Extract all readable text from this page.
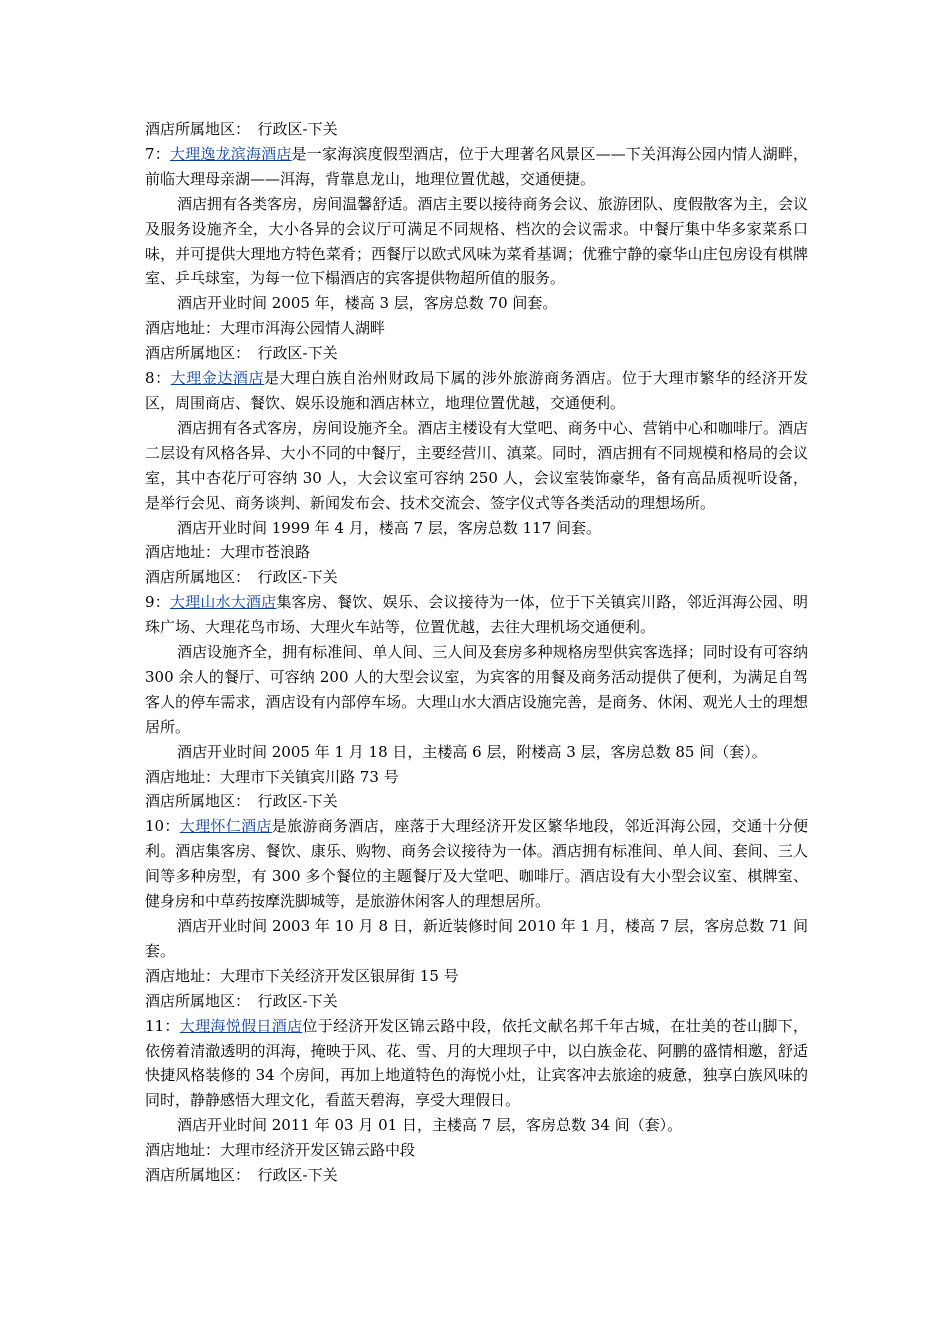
酒店所属地区：　行政区-下关

7：大理逸龙滨海酒店是一家海滨度假型酒店，位于大理著名风景区——下关洱海公园内情人湖畔，前临大理母亲湖——洱海，背靠息龙山，地理位置优越，交通便捷。

酒店拥有各类客房，房间温馨舒适。酒店主要以接待商务会议、旅游团队、度假散客为主，会议及服务设施齐全，大小各异的会议厅可满足不同规格、档次的会议需求。中餐厅集中华多家菜系口味，并可提供大理地方特色菜肴；西餐厅以欧式风味为菜肴基调；优雅宁静的豪华山庄包房设有棋牌室、乒乓球室，为每一位下榻酒店的宾客提供物超所值的服务。

酒店开业时间 2005 年，楼高 3 层，客房总数 70 间套。

酒店地址：大理市洱海公园情人湖畔

酒店所属地区：　行政区-下关

8：大理金达酒店是大理白族自治州财政局下属的涉外旅游商务酒店。位于大理市繁华的经济开发区，周围商店、餐饮、娱乐设施和酒店林立，地理位置优越，交通便利。

酒店拥有各式客房，房间设施齐全。酒店主楼设有大堂吧、商务中心、营销中心和咖啡厅。酒店二层设有风格各异、大小不同的中餐厅，主要经营川、滇菜。同时，酒店拥有不同规模和格局的会议室，其中杏花厅可容纳 30 人，大会议室可容纳 250 人，会议室装饰豪华，备有高品质视听设备，是举行会见、商务谈判、新闻发布会、技术交流会、签字仪式等各类活动的理想场所。

酒店开业时间 1999 年 4 月，楼高 7 层，客房总数 117 间套。

酒店地址：大理市苍浪路

酒店所属地区：　行政区-下关

9：大理山水大酒店集客房、餐饮、娱乐、会议接待为一体，位于下关镇宾川路，邻近洱海公园、明珠广场、大理花鸟市场、大理火车站等，位置优越，去往大理机场交通便利。

酒店设施齐全，拥有标准间、单人间、三人间及套房多种规格房型供宾客选择；同时设有可容纳 300 余人的餐厅、可容纳 200 人的大型会议室，为宾客的用餐及商务活动提供了便利，为满足自驾客人的停车需求，酒店设有内部停车场。大理山水大酒店设施完善，是商务、休闲、观光人士的理想居所。

酒店开业时间 2005 年 1 月 18 日，主楼高 6 层，附楼高 3 层，客房总数 85 间（套）。

酒店地址：大理市下关镇宾川路 73 号

酒店所属地区：　行政区-下关

10：大理怀仁酒店是旅游商务酒店，座落于大理经济开发区繁华地段，邻近洱海公园，交通十分便利。酒店集客房、餐饮、康乐、购物、商务会议接待为一体。酒店拥有标准间、单人间、套间、三人间等多种房型，有 300 多个餐位的主题餐厅及大堂吧、咖啡厅。酒店设有大小型会议室、棋牌室、健身房和中草药按摩洗脚城等，是旅游休闲客人的理想居所。

酒店开业时间 2003 年 10 月 8 日，新近装修时间 2010 年 1 月，楼高 7 层，客房总数 71 间套。

酒店地址：大理市下关经济开发区银屏街 15 号

酒店所属地区：　行政区-下关

11：大理海悦假日酒店位于经济开发区锦云路中段，依托文献名邦千年古城，在壮美的苍山脚下，依傍着清澈透明的洱海，掩映于风、花、雪、月的大理坝子中，以白族金花、阿鹏的盛情相邀，舒适快捷风格装修的 34 个房间，再加上地道特色的海悦小灶，让宾客冲去旅途的疲惫，独享白族风味的同时，静静感悟大理文化，看蓝天碧海，享受大理假日。

酒店开业时间 2011 年 03 月 01 日，主楼高 7 层，客房总数 34 间（套）。

酒店地址：大理市经济开发区锦云路中段

酒店所属地区：　行政区-下关
